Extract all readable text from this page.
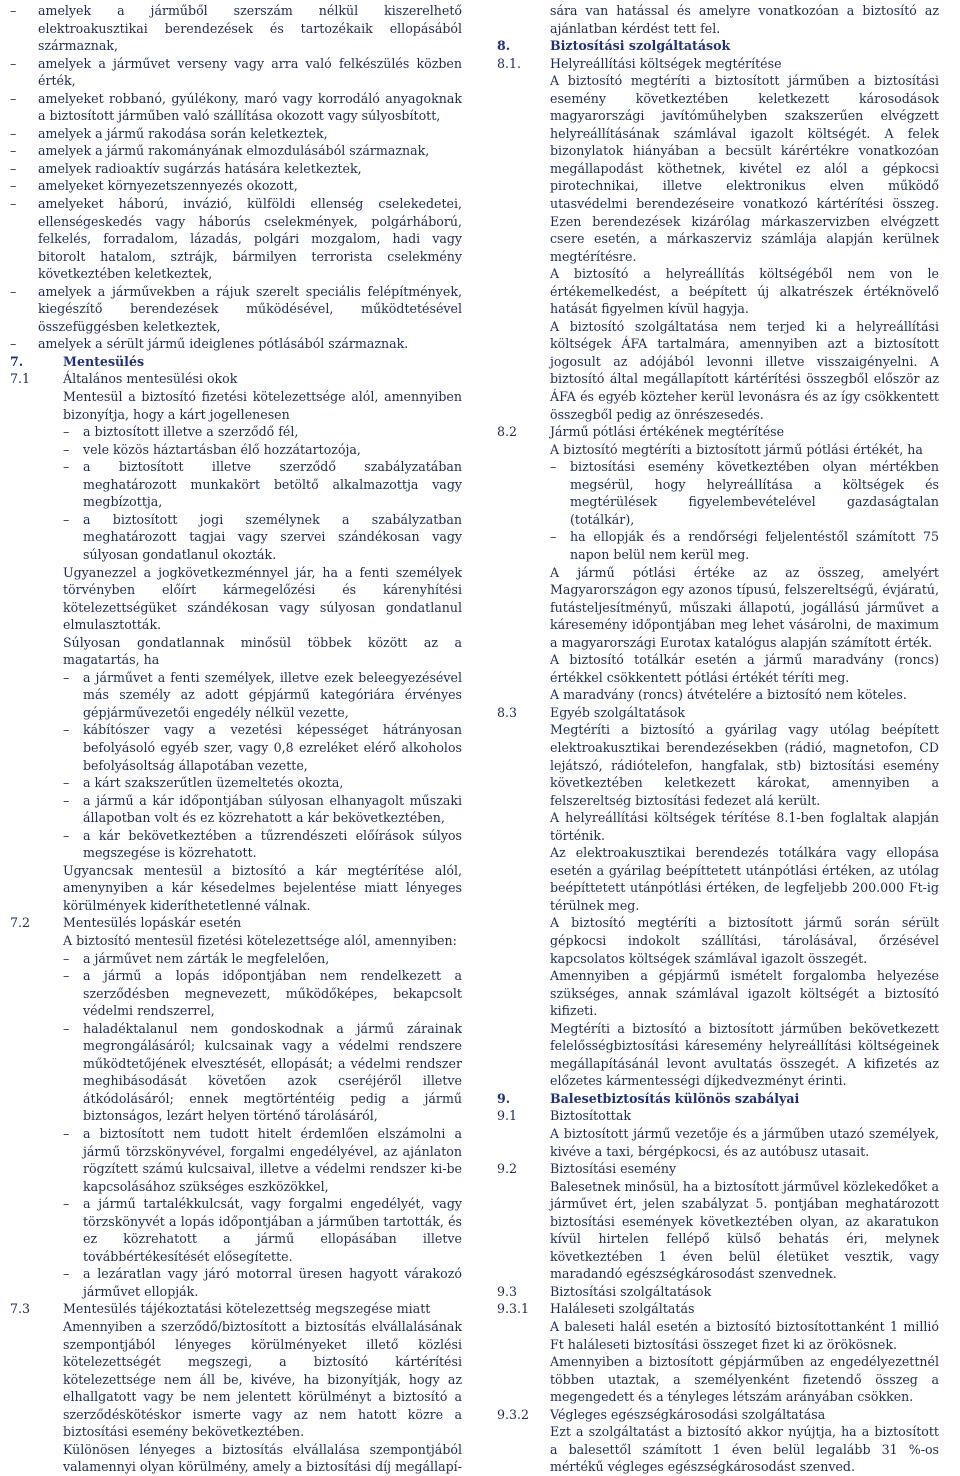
– amelyek a járműből szerszám nélkül kiszerelhető elektroakusztikai berendezések és tartozékaik ellopásából származnak,
– amelyek a járművet verseny vagy arra való felkészülés közben érték,
– amelyeket robbanó, gyúlékony, maró vagy korrodáló anyagoknak a biztosított járműben való szállítása okozott vagy súlyosbított,
– amelyek a jármű rakodása során keletkeztek,
– amelyek a jármű rakományának elmozdulásából származnak,
– amelyek radioaktív sugárzás hatására keletkeztek,
– amelyeket környezetszennyezés okozott,
– amelyeket háború, invázió, külföldi ellenség cselekedetei, ellenségeskedés vagy háborús cselekmények, polgárháború, felkelés, forradalom, lázadás, polgári mozgalom, hadi vagy bitorolt hatalom, sztrájk, bármilyen terrorista cselekmény következtében keletkeztek,
– amelyek a járművekben a rájuk szerelt speciális felépítmények, kiegészítő berendezések működésével, működtetésével összefüggésben keletkeztek,
– amelyek a sérült jármű ideiglenes pótlásából származnak.
7.	Mentesülés
7.1	Általános mentesülési okok
Mentesül a biztosító fizetési kötelezettsége alól, amennyiben bizonyítja, hogy a kárt jogellenesen
– a biztosított illetve a szerződő fél,
– vele közös háztartásban élő hozzátartozója,
– a biztosított illetve szerződő szabályzatában meghatározott munkakört betöltő alkalmazottja vagy megbízottja,
– a biztosított jogi személynek a szabályzatban meghatározott tagjai vagy szervei szándékosan vagy súlyosan gondatlanul okozták.
Ugyanezzel a jogkövetkezménnyel jár, ha a fenti személyek törvényben előírt kármegelőzési és kárenyhítési kötelezettségüket szándékosan vagy súlyosan gondatlanul elmulasztották.
Súlyosan gondatlannak minősül többek között az a magatartás, ha
– a járművet a fenti személyek, illetve ezek beleegyezésével más személy az adott gépjármű kategóriára érvényes gépjárművezetői engedély nélkül vezette,
– kábítószer vagy a vezetési képességet hátrányosan befolyásoló egyéb szer, vagy 0,8 ezreléket elérő alkoholos befolyásoltság állapotában vezette,
– a kárt szakszerűtlen üzemeltetés okozta,
– a jármű a kár időpontjában súlyosan elhanyagolt műszaki állapotban volt és ez közrehatott a kár bekövetkeztében,
– a kár bekövetkeztében a tűzrendészeti előírások súlyos megszegése is közrehatott.
Ugyancsak mentesül a biztosító a kár megtérítése alól, amenynyiben a kár késedelmes bejelentése miatt lényeges körülmények kideríthetetlenné válnak.
7.2	Mentesülés lopáskár esetén
A biztosító mentesül fizetési kötelezettsége alól, amennyiben:
– a járművet nem zárták le megfelelően,
– a jármű a lopás időpontjában nem rendelkezett a szerződésben megnevezett, működőképes, bekapcsolt védelmi rendszerrel,
– haladéktalanul nem gondoskodnak a jármű zárainak megrongálásáról; kulcsainak vagy a védelmi rendszere működtetőjének elvesztését, ellopását; a védelmi rendszer meghibásodását követően azok cseréjéről illetve átkódolásáról; ennek megtörténtéig pedig a jármű biztonságos, lezárt helyen történő tárolásáról,
– a biztosított nem tudott hitelt érdemlően elszámolni a jármű törzskönyvével, forgalmi engedélyével, az ajánlaton rögzített számú kulcsaival, illetve a védelmi rendszer ki-be kapcsolásához szükséges eszközökkel,
– a jármű tartalékkulcsát, vagy forgalmi engedélyét, vagy törzskönyvét a lopás időpontjában a járműben tartották, és ez közrehatott a jármű ellopásában illetve továbbértékesítését elősegítette.
– a lezáratlan vagy járó motorral üresen hagyott várakozó járművet ellopják.
7.3	Mentesülés tájékoztatási kötelezettség megszegése miatt
Amennyiben a szerződő/biztosított a biztosítás elvállalásának szempontjából lényeges körülményeket illető közlési kötelezettségét megszegi, a biztosító kártérítési kötelezettsége nem áll be, kivéve, ha bizonyítják, hogy az elhallgatott vagy be nem jelentett körülményt a biztosító a szerződéskötéskor ismerte vagy az nem hatott közre a biztosítási esemény bekövetkeztében.
Különösen lényeges a biztosítás elvállalása szempontjából valamennyi olyan körülmény, amely a biztosítási díj megállapí-
sára van hatással és amelyre vonatkozóan a biztosító az ajánlatban kérdést tett fel.
8.	Biztosítási szolgáltatások
8.1.	Helyreállítási költségek megtérítése
A biztosító megtéríti a biztosított járműben a biztosítási esemény következtében keletkezett károsodások magyarországi javítóműhelyben szakszerűen elvégzett helyreállításának számlával igazolt költségét. A felek bizonylatok hiányában a becsült kárértékre vonatkozóan megállapodást köthetnek, kivétel ez alól a gépkocsi pirotechnikai, illetve elektronikus elven működő utasvédelmi berendezéseire vonatkozó kártérítési összeg. Ezen berendezések kizárólag márkaszervizben elvégzett csere esetén, a márkaszerviz számlája alapján kerülnek megtérítésre.
A biztosító a helyreállítás költségéből nem von le értékemelkedést, a beépített új alkatrészek értéknövelő hatását figyelmen kívül hagyja.
A biztosító szolgáltatása nem terjed ki a helyreállítási költségek ÁFA tartalmára, amennyiben azt a biztosított jogosult az adójából levonni illetve visszaigényelni. A biztosító által megállapított kártérítési összegből először az ÁFA és egyéb közteher kerül levonásra és az így csökkentett összegből pedig az önrészesedés.
8.2	Jármű pótlási értékének megtérítése
A biztosító megtéríti a biztosított jármű pótlási értékét, ha
– biztosítási esemény következtében olyan mértékben megsérül, hogy helyreállítása a költségek és megtérülések figyelembevételével gazdaságtalan (totálkár),
– ha ellopják és a rendőrségi feljelentéstől számított 75 napon belül nem kerül meg.
A jármű pótlási értéke az az összeg, amelyért Magyarországon egy azonos típusú, felszereltségű, évjáratú, futásteljesítményű, műszaki állapotú, jogállású járművet a káresemény időpontjában meg lehet vásárolni, de maximum a magyarországi Eurotax katalógus alapján számított érték.
A biztosító totálkár esetén a jármű maradvány (roncs) értékkel csökkentett pótlási értékét téríti meg.
A maradvány (roncs) átvételére a biztosító nem köteles.
8.3	Egyéb szolgáltatások
Megtéríti a biztosító a gyárilag vagy utólag beépített elektroakusztikai berendezésekben (rádió, magnetofon, CD lejátszó, rádiótelefon, hangfalak, stb) biztosítási esemény következtében keletkezett károkat, amennyiben a felszereltség biztosítási fedezet alá került.
A helyreállítási költségek térítése 8.1-ben foglaltak alapján történik.
Az elektroakusztikai berendezés totálkára vagy ellopása esetén a gyárilag beépíttetett utánpótlási értéken, az utólag beépíttetett utánpótlási értéken, de legfeljebb 200.000 Ft-ig térülnek meg.
A biztosító megtéríti a biztosított jármű során sérült gépkocsi indokolt szállítási, tárolásával, őrzésével kapcsolatos költségek számlával igazolt összegét.
Amennyiben a gépjármű ismételt forgalomba helyezése szükséges, annak számlával igazolt költségét a biztosító kifizeti.
Megtéríti a biztosító a biztosított járműben bekövetkezett felelősségbiztosítási káresemény helyreállítási költségeinek megállapításánál levont avultatás összegét. A kifizetés az előzetes kármentességi díjkedvezményt érinti.
9.	Balesetbiztosítás különös szabályai
9.1	Biztosítottak
A biztosított jármű vezetője és a járműben utazó személyek, kivéve a taxi, bérgépkocsi, és az autóbusz utasait.
9.2	Biztosítási esemény
Balesetnek minősül, ha a biztosított járművel közlekedőket a járművet ért, jelen szabályzat 5. pontjában meghatározott biztosítási események következtében olyan, az akaratukon kívül hirtelen fellépő külső behatás éri, melynek következtében 1 éven belül életüket vesztik, vagy maradandó egészségkárosodást szenvednek.
9.3	Biztosítási szolgáltatások
9.3.1	Haláleseti szolgáltatás
A baleseti halál esetén a biztosító biztosítottanként 1 millió Ft haláleseti biztosítási összeget fizet ki az örökösnek.
Amennyiben a biztosított gépjárműben az engedélyezettnél többen utaztak, a személyenként fizetendő összeg a megengedett és a tényleges létszám arányában csökken.
9.3.2	Végleges egészségkárosodási szolgáltatása
Ezt a szolgáltatást a biztosító akkor nyújtja, ha a biztosított a balesettől számított 1 éven belül legalább 31 %-os mértékű végleges egészségkárosodást szenved.
